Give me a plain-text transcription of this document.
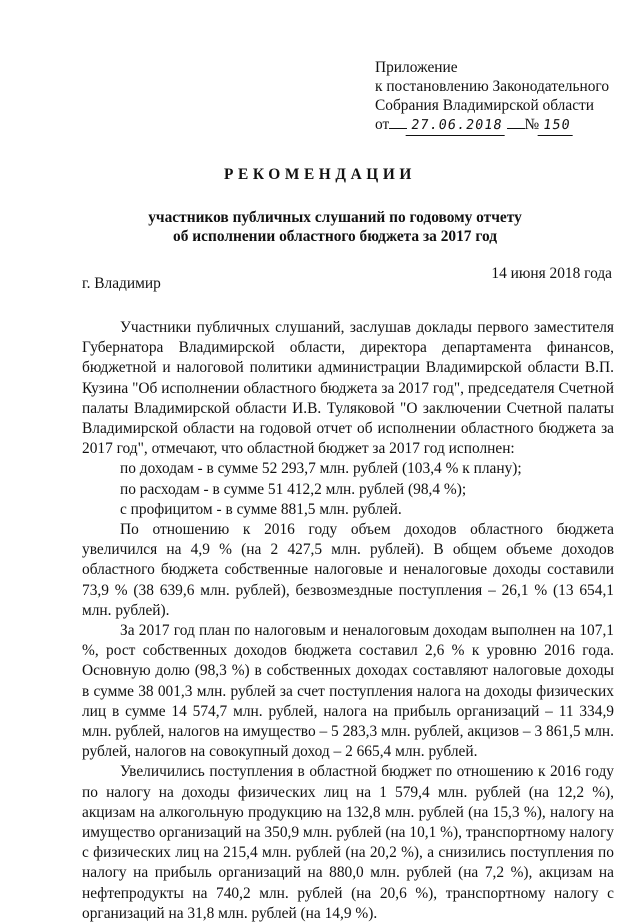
Приложение
к постановлению Законодательного
Собрания Владимирской области
от 27.06.2018 № 150
РЕКОМЕНДАЦИИ
участников публичных слушаний по годовому отчету
об исполнении областного бюджета за 2017 год
г. Владимир
14 июня 2018 года

Участники публичных слушаний, заслушав доклады первого заместителя Губернатора Владимирской области, директора департамента финансов, бюджетной и налоговой политики администрации Владимирской области В.П. Кузина "Об исполнении областного бюджета за 2017 год", председателя Счетной палаты Владимирской области И.В. Туляковой "О заключении Счетной палаты Владимирской области на годовой отчет об исполнении областного бюджета за 2017 год", отмечают, что областной бюджет за 2017 год исполнен:

по доходам - в сумме 52 293,7 млн. рублей (103,4 % к плану);

по расходам - в сумме 51 412,2 млн. рублей (98,4 %);

с профицитом - в сумме 881,5 млн. рублей.

По отношению к 2016 году объем доходов областного бюджета увеличился на 4,9 % (на 2 427,5 млн. рублей). В общем объеме доходов областного бюджета собственные налоговые и неналоговые доходы составили 73,9 % (38 639,6 млн. рублей), безвозмездные поступления – 26,1 % (13 654,1 млн. рублей).

За 2017 год план по налоговым и неналоговым доходам выполнен на 107,1 %, рост собственных доходов бюджета составил 2,6 % к уровню 2016 года. Основную долю (98,3 %) в собственных доходах составляют налоговые доходы в сумме 38 001,3 млн. рублей за счет поступления налога на доходы физических лиц в сумме 14 574,7 млн. рублей, налога на прибыль организаций – 11 334,9 млн. рублей, налогов на имущество – 5 283,3 млн. рублей, акцизов – 3 861,5 млн. рублей, налогов на совокупный доход – 2 665,4 млн. рублей.

Увеличились поступления в областной бюджет по отношению к 2016 году по налогу на доходы физических лиц на 1 579,4 млн. рублей (на 12,2 %), акцизам на алкогольную продукцию на 132,8 млн. рублей (на 15,3 %), налогу на имущество организаций на 350,9 млн. рублей (на 10,1 %), транспортному налогу с физических лиц на 215,4 млн. рублей (на 20,2 %), а снизились поступления по налогу на прибыль организаций на 880,0 млн. рублей (на 7,2 %), акцизам на нефтепродукты на 740,2 млн. рублей (на 20,6 %), транспортному налогу с организаций на 31,8 млн. рублей (на 14,9 %).
